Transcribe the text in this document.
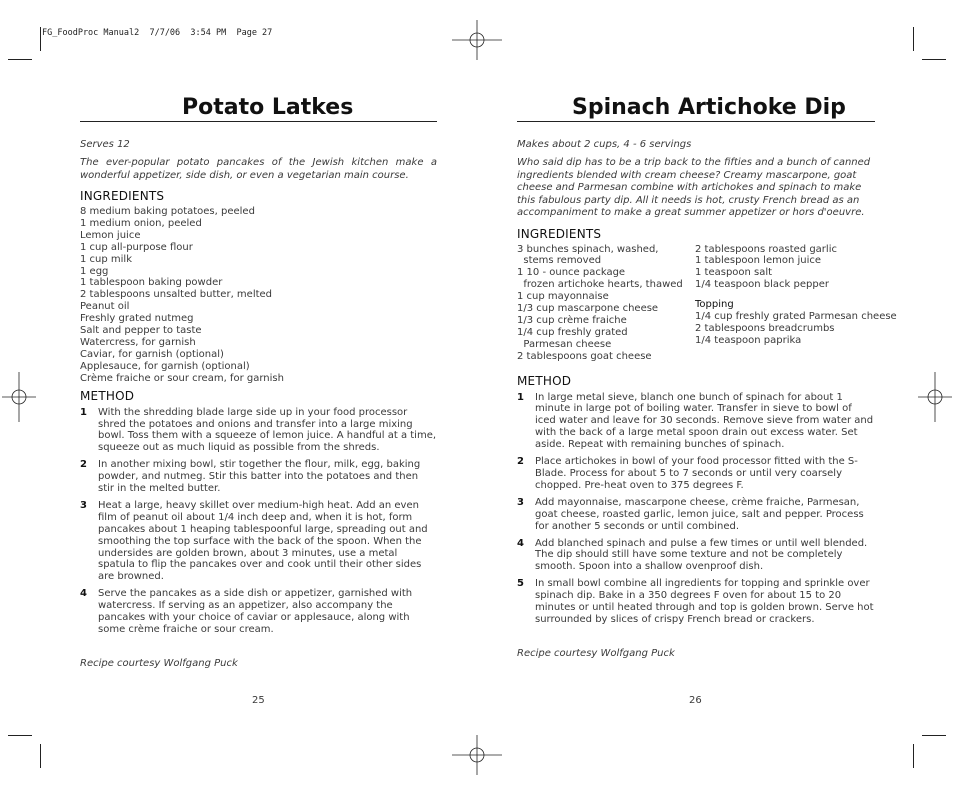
FG_FoodProc Manual2  7/7/06  3:54 PM  Page 27
Potato Latkes
Serves 12
The ever-popular potato pancakes of the Jewish kitchen make a wonderful appetizer, side dish, or even a vegetarian main course.
INGREDIENTS
8 medium baking potatoes, peeled
1 medium onion, peeled
Lemon juice
1 cup all-purpose flour
1 cup milk
1 egg
1 tablespoon baking powder
2 tablespoons unsalted butter, melted
Peanut oil
Freshly grated nutmeg
Salt and pepper to taste
Watercress, for garnish
Caviar, for garnish (optional)
Applesauce, for garnish (optional)
Crème fraiche or sour cream, for garnish
METHOD
1	With the shredding blade large side up in your food processor shred the potatoes and onions and transfer into a large mixing bowl. Toss them with a squeeze of lemon juice. A handful at a time, squeeze out as much liquid as possible from the shreds.
2	In another mixing bowl, stir together the flour, milk, egg, baking powder, and nutmeg. Stir this batter into the potatoes and then stir in the melted butter.
3	Heat a large, heavy skillet over medium-high heat. Add an even film of peanut oil about 1/4 inch deep and, when it is hot, form pancakes about 1 heaping tablespoonful large, spreading out and smoothing the top surface with the back of the spoon. When the undersides are golden brown, about 3 minutes, use a metal spatula to flip the pancakes over and cook until their other sides are browned.
4	Serve the pancakes as a side dish or appetizer, garnished with watercress. If serving as an appetizer, also accompany the pancakes with your choice of caviar or applesauce, along with some crème fraiche or sour cream.
Recipe courtesy Wolfgang Puck
25
Spinach Artichoke Dip
Makes about 2 cups, 4 - 6 servings
Who said dip has to be a trip back to the fifties and a bunch of canned ingredients blended with cream cheese? Creamy mascarpone, goat cheese and Parmesan combine with artichokes and spinach to make this fabulous party dip. All it needs is hot, crusty French bread as an accompaniment to make a great summer appetizer or hors d'oeuvre.
INGREDIENTS
3 bunches spinach, washed,
stems removed
1 10 - ounce package
frozen artichoke hearts, thawed
1 cup mayonnaise
1/3 cup mascarpone cheese
1/3 cup crème fraiche
1/4 cup freshly grated
Parmesan cheese
2 tablespoons goat cheese
2 tablespoons roasted garlic
1 tablespoon lemon juice
1 teaspoon salt
1/4 teaspoon black pepper
Topping
1/4 cup freshly grated Parmesan cheese
2 tablespoons breadcrumbs
1/4 teaspoon paprika
METHOD
1	In large metal sieve, blanch one bunch of spinach for about 1 minute in large pot of boiling water. Transfer in sieve to bowl of iced water and leave for 30 seconds. Remove sieve from water and with the back of a large metal spoon drain out excess water. Set aside. Repeat with remaining bunches of spinach.
2	Place artichokes in bowl of your food processor fitted with the S-Blade. Process for about 5 to 7 seconds or until very coarsely chopped. Pre-heat oven to 375 degrees F.
3	Add mayonnaise, mascarpone cheese, crème fraiche, Parmesan, goat cheese, roasted garlic, lemon juice, salt and pepper. Process for another 5 seconds or until combined.
4	Add blanched spinach and pulse a few times or until well blended. The dip should still have some texture and not be completely smooth. Spoon into a shallow ovenproof dish.
5	In small bowl combine all ingredients for topping and sprinkle over spinach dip. Bake in a 350 degrees F oven for about 15 to 20 minutes or until heated through and top is golden brown. Serve hot surrounded by slices of crispy French bread or crackers.
Recipe courtesy Wolfgang Puck
26
